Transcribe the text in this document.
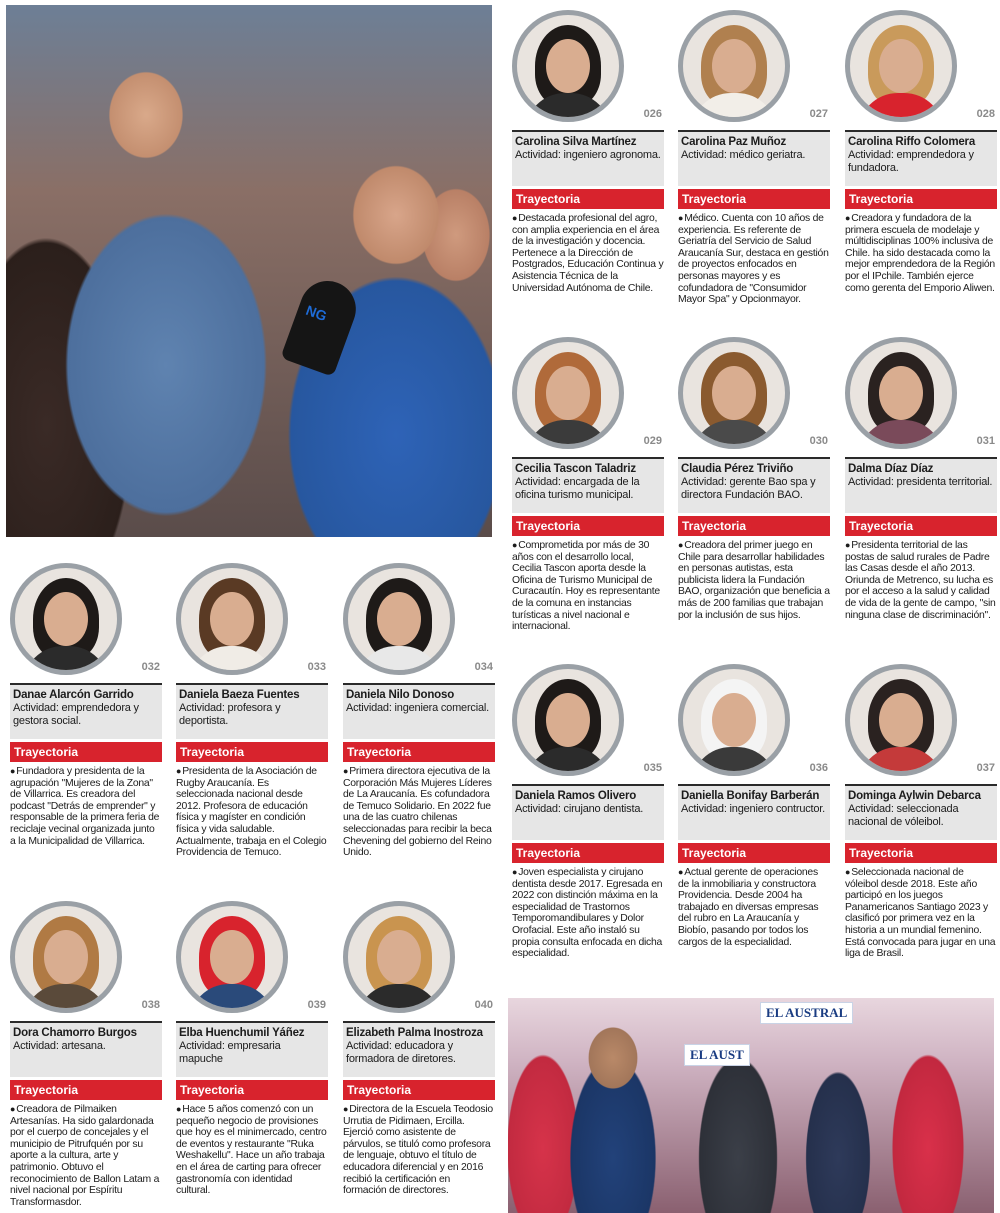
NG
EL AUSTRAL
EL AUST
026
Carolina Silva Martínez
Actividad: ingeniero agronoma.
Trayectoria
● Destacada profesional del agro, con amplia experiencia en el área de la investigación y docencia. Pertenece a la Dirección de Postgrados, Educación Continua y Asistencia Técnica de la Universidad Autónoma de Chile.
027
Carolina Paz Muñoz
Actividad: médico geriatra.
Trayectoria
● Médico. Cuenta con 10 años de experiencia. Es referente de Geriatría del Servicio de Salud Araucanía Sur, destaca en gestión de proyectos enfocados en personas mayores y es cofundadora de "Consumidor Mayor Spa" y Opcionmayor.
028
Carolina Riffo Colomera
Actividad: emprendedora y fundadora.
Trayectoria
● Creadora y fundadora de la primera escuela de modelaje y múltidisciplinas 100% inclusiva de Chile. ha sido destacada como la mejor emprendedora de la Región por el IPchile. También ejerce como gerenta del Emporio Aliwen.
029
Cecilia Tascon Taladriz
Actividad: encargada de la oficina turismo municipal.
Trayectoria
● Comprometida por más de 30 años con el desarrollo local, Cecilia Tascon aporta desde la Oficina de Turismo Municipal de Curacautín. Hoy es representante de la comuna en instancias turísticas a nivel nacional e internacional.
030
Claudia Pérez Triviño
Actividad: gerente Bao spa y directora Fundación BAO.
Trayectoria
● Creadora del primer juego en Chile para desarrollar habilidades en personas autistas, esta publicista lidera la Fundación BAO, organización que beneficia a más de 200 familias que trabajan por la inclusión de sus hijos.
031
Dalma Díaz Díaz
Actividad: presidenta territorial.
Trayectoria
● Presidenta territorial de las postas de salud rurales de Padre las Casas desde el año 2013. Oriunda de Metrenco, su lucha es por el acceso a la salud y calidad de vida de la gente de campo, "sin ninguna clase de discriminación".
032
Danae Alarcón Garrido
Actividad: emprendedora y gestora social.
Trayectoria
● Fundadora y presidenta de la agrupación "Mujeres de la Zona" de Villarrica. Es creadora del podcast "Detrás de emprender" y responsable de la primera feria de reciclaje vecinal organizada junto a la Municipalidad de Villarrica.
033
Daniela Baeza Fuentes
Actividad: profesora y deportista.
Trayectoria
● Presidenta de la Asociación de Rugby Araucanía. Es seleccionada nacional desde 2012. Profesora de educación física y magíster en condición física y vida saludable. Actualmente, trabaja en el Colegio Providencia de Temuco.
034
Daniela Nilo Donoso
Actividad: ingeniera comercial.
Trayectoria
● Primera directora ejecutiva de la Corporación Más Mujeres Líderes de La Araucanía. Es cofundadora de Temuco Solidario. En 2022 fue una de las cuatro chilenas seleccionadas para recibir la beca Chevening del gobierno del Reino Unido.
035
Daniela Ramos Olivero
Actividad: cirujano dentista.
Trayectoria
● Joven especialista y cirujano dentista desde 2017. Egresada en 2022 con distinción máxima en la especialidad de Trastornos Temporomandibulares y Dolor Orofacial. Este año instaló su propia consulta enfocada en dicha especialidad.
036
Daniella Bonifay Barberán
Actividad: ingeniero contructor.
Trayectoria
● Actual gerente de operaciones de la inmobiliaria y constructora Providencia. Desde 2004 ha trabajado en diversas empresas del rubro en La Araucanía y Biobío, pasando por todos los cargos de la especialidad.
037
Dominga Aylwin Debarca
Actividad: seleccionada nacional de vóleibol.
Trayectoria
● Seleccionada nacional de vóleibol desde 2018. Este año participó en los juegos Panamericanos Santiago 2023 y clasificó por primera vez en la historia a un mundial femenino. Está convocada para jugar en una liga de Brasil.
038
Dora Chamorro Burgos
Actividad: artesana.
Trayectoria
● Creadora de Pilmaiken Artesanías. Ha sido galardonada por el cuerpo de concejales y el municipio de Pitrufquén por su aporte a la cultura, arte y patrimonio. Obtuvo el reconocimiento de Ballon Latam a nivel nacional por Espíritu Transformasdor.
039
Elba Huenchumil Yáñez
Actividad: empresaria mapuche
Trayectoria
● Hace 5 años comenzó con un pequeño negocio de provisiones que hoy es el minimercado, centro de eventos y restaurante "Ruka Weshakellu". Hace un año trabaja en el área de carting para ofrecer gastronomía con identidad cultural.
040
Elizabeth Palma Inostroza
Actividad: educadora y formadora de diretores.
Trayectoria
● Directora de la Escuela Teodosio Urrutia de Pidimaen, Ercilla. Ejerció como asistente de párvulos, se tituló como profesora de lenguaje, obtuvo el título de educadora diferencial y en 2016 recibió la certificación en formación de directores.
